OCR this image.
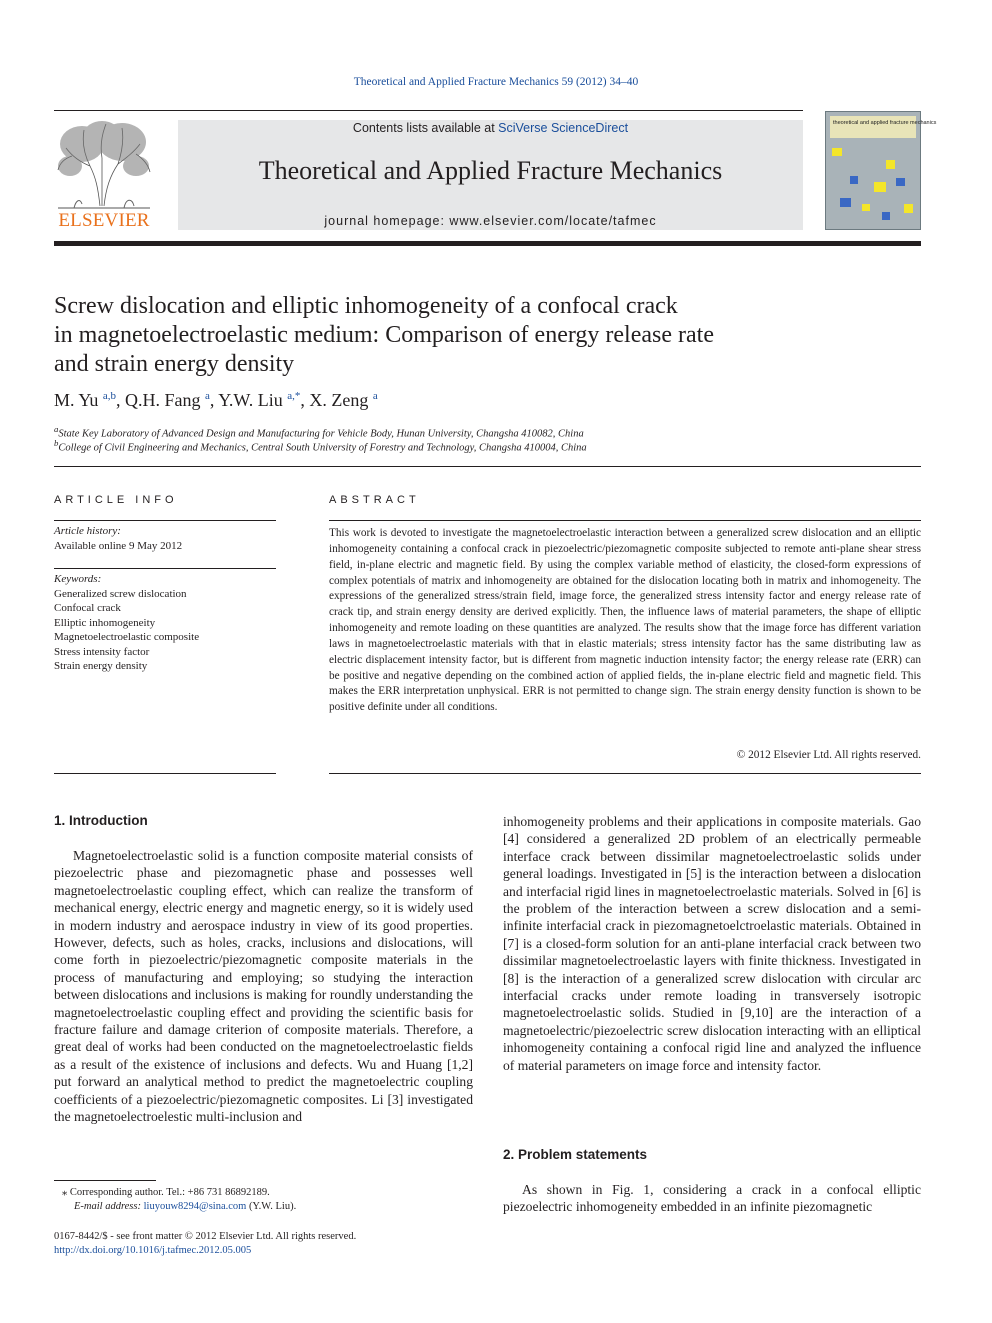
Theoretical and Applied Fracture Mechanics 59 (2012) 34–40
ELSEVIER
Contents lists available at SciVerse ScienceDirect
Theoretical and Applied Fracture Mechanics
journal homepage: www.elsevier.com/locate/tafmec
theoretical and applied fracture mechanics
Screw dislocation and elliptic inhomogeneity of a confocal crack
in magnetoelectroelastic medium: Comparison of energy release rate
and strain energy density
M. Yu $^{a,b}$, Q.H. Fang $^a$, Y.W. Liu $^{a,*}$, X. Zeng $^a$
$^a$State Key Laboratory of Advanced Design and Manufacturing for Vehicle Body, Hunan University, Changsha 410082, China
$^b$College of Civil Engineering and Mechanics, Central South University of Forestry and Technology, Changsha 410004, China
ARTICLE INFO
Article history:
Available online 9 May 2012
Keywords:
Generalized screw dislocation
Confocal crack
Elliptic inhomogeneity
Magnetoelectroelastic composite
Stress intensity factor
Strain energy density
ABSTRACT
This work is devoted to investigate the magnetoelectroelastic interaction between a generalized screw dislocation and an elliptic inhomogeneity containing a confocal crack in piezoelectric/piezomagnetic composite subjected to remote anti-plane shear stress field, in-plane electric and magnetic field. By using the complex variable method of elasticity, the closed-form expressions of complex potentials of matrix and inhomogeneity are obtained for the dislocation locating both in matrix and inhomogeneity. The expressions of the generalized stress/strain field, image force, the generalized stress intensity factor and energy release rate of crack tip, and strain energy density are derived explicitly. Then, the influence laws of material parameters, the shape of elliptic inhomogeneity and remote loading on these quantities are analyzed. The results show that the image force has different variation laws in magnetoelectroelastic materials with that in elastic materials; stress intensity factor has the same distributing law as electric displacement intensity factor, but is different from magnetic induction intensity factor; the energy release rate (ERR) can be positive and negative depending on the combined action of applied fields, the in-plane electric field and magnetic field. This makes the ERR interpretation unphysical. ERR is not permitted to change sign. The strain energy density function is shown to be positive definite under all conditions.
© 2012 Elsevier Ltd. All rights reserved.
1. Introduction
Magnetoelectroelastic solid is a function composite material consists of piezoelectric phase and piezomagnetic phase and possesses well magnetoelectroelastic coupling effect, which can realize the transform of mechanical energy, electric energy and magnetic energy, so it is widely used in modern industry and aerospace industry in view of its good properties. However, defects, such as holes, cracks, inclusions and dislocations, will come forth in piezoelectric/piezomagnetic composite materials in the process of manufacturing and employing; so studying the interaction between dislocations and inclusions is making for roundly understanding the magnetoelectroelastic coupling effect and providing the scientific basis for fracture failure and damage criterion of composite materials. Therefore, a great deal of works had been conducted on the magnetoelectroelastic fields as a result of the existence of inclusions and defects. Wu and Huang [1,2] put forward an analytical method to predict the magnetoelectric coupling coefficients of a piezoelectric/piezomagnetic composites. Li [3] investigated the magnetoelectroelestic multi-inclusion and
inhomogeneity problems and their applications in composite materials. Gao [4] considered a generalized 2D problem of an electrically permeable interface crack between dissimilar magnetoelectroelastic solids under general loadings. Investigated in [5] is the interaction between a dislocation and interfacial rigid lines in magnetoelectroelastic materials. Solved in [6] is the problem of the interaction between a screw dislocation and a semi-infinite interfacial crack in piezomagnetoelctroelastic materials. Obtained in [7] is a closed-form solution for an anti-plane interfacial crack between two dissimilar magnetoelectroelastic layers with finite thickness. Investigated in [8] is the interaction of a generalized screw dislocation with circular arc interfacial cracks under remote loading in transversely isotropic magnetoelectroelastic solids. Studied in [9,10] are the interaction of a magnetoelectric/piezoelectric screw dislocation interacting with an elliptical inhomogeneity containing a confocal rigid line and analyzed the influence of material parameters on image force and intensity factor.
2. Problem statements
As shown in Fig. 1, considering a crack in a confocal elliptic piezoelectric inhomogeneity embedded in an infinite piezomagnetic
⁎ Corresponding author. Tel.: +86 731 86892189.
E-mail address: liuyouw8294@sina.com (Y.W. Liu).
0167-8442/$ - see front matter © 2012 Elsevier Ltd. All rights reserved.
http://dx.doi.org/10.1016/j.tafmec.2012.05.005
